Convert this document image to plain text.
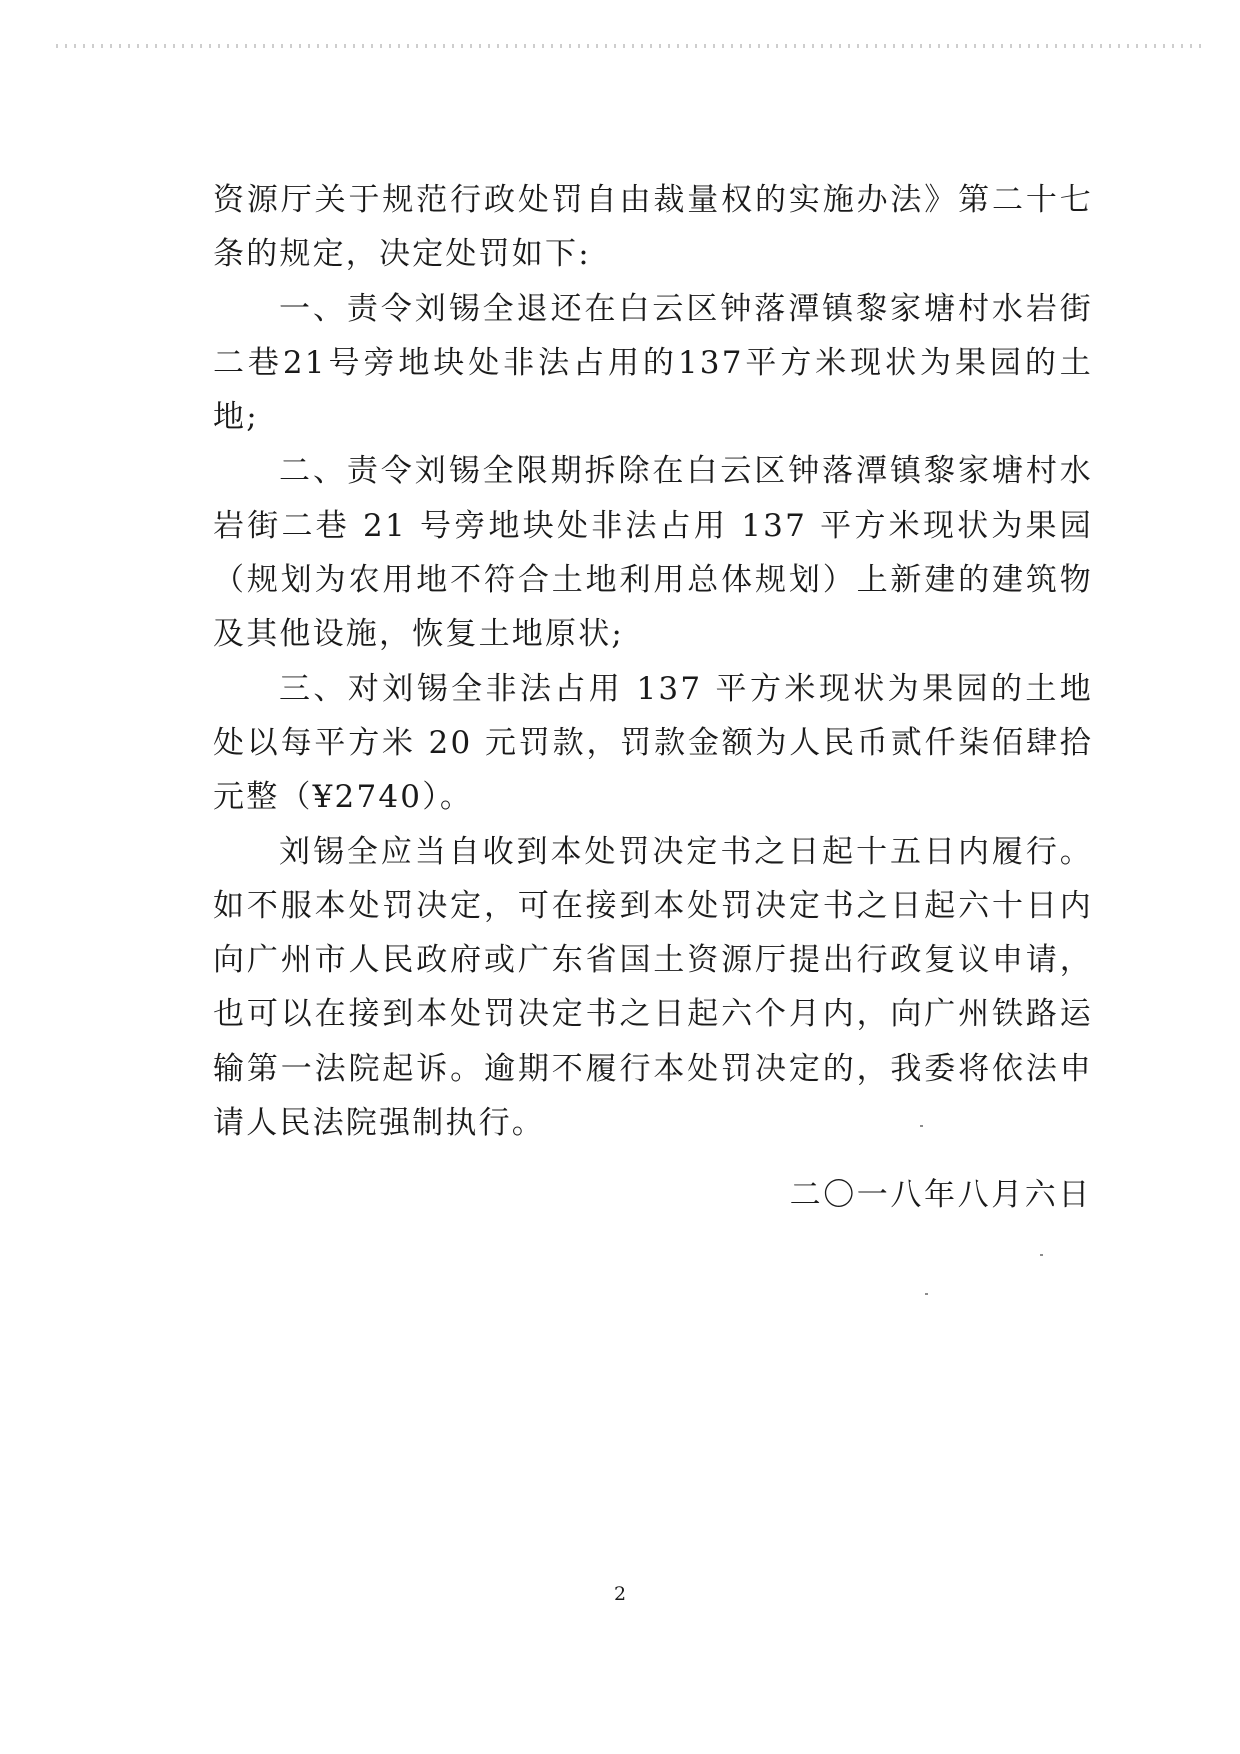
资源厅关于规范行政处罚自由裁量权的实施办法》第二十七条的规定，决定处罚如下:

一、责令刘锡全退还在白云区钟落潭镇黎家塘村水岩街二巷21号旁地块处非法占用的137平方米现状为果园的土地;

二、责令刘锡全限期拆除在白云区钟落潭镇黎家塘村水岩街二巷 21 号旁地块处非法占用 137 平方米现状为果园（规划为农用地不符合土地利用总体规划）上新建的建筑物及其他设施，恢复土地原状;

三、对刘锡全非法占用 137 平方米现状为果园的土地处以每平方米 20 元罚款，罚款金额为人民币贰仟柒佰肆拾元整（¥2740）。

刘锡全应当自收到本处罚决定书之日起十五日内履行。如不服本处罚决定，可在接到本处罚决定书之日起六十日内向广州市人民政府或广东省国土资源厅提出行政复议申请，也可以在接到本处罚决定书之日起六个月内，向广州铁路运输第一法院起诉。逾期不履行本处罚决定的，我委将依法申请人民法院强制执行。

二〇一八年八月六日
2
